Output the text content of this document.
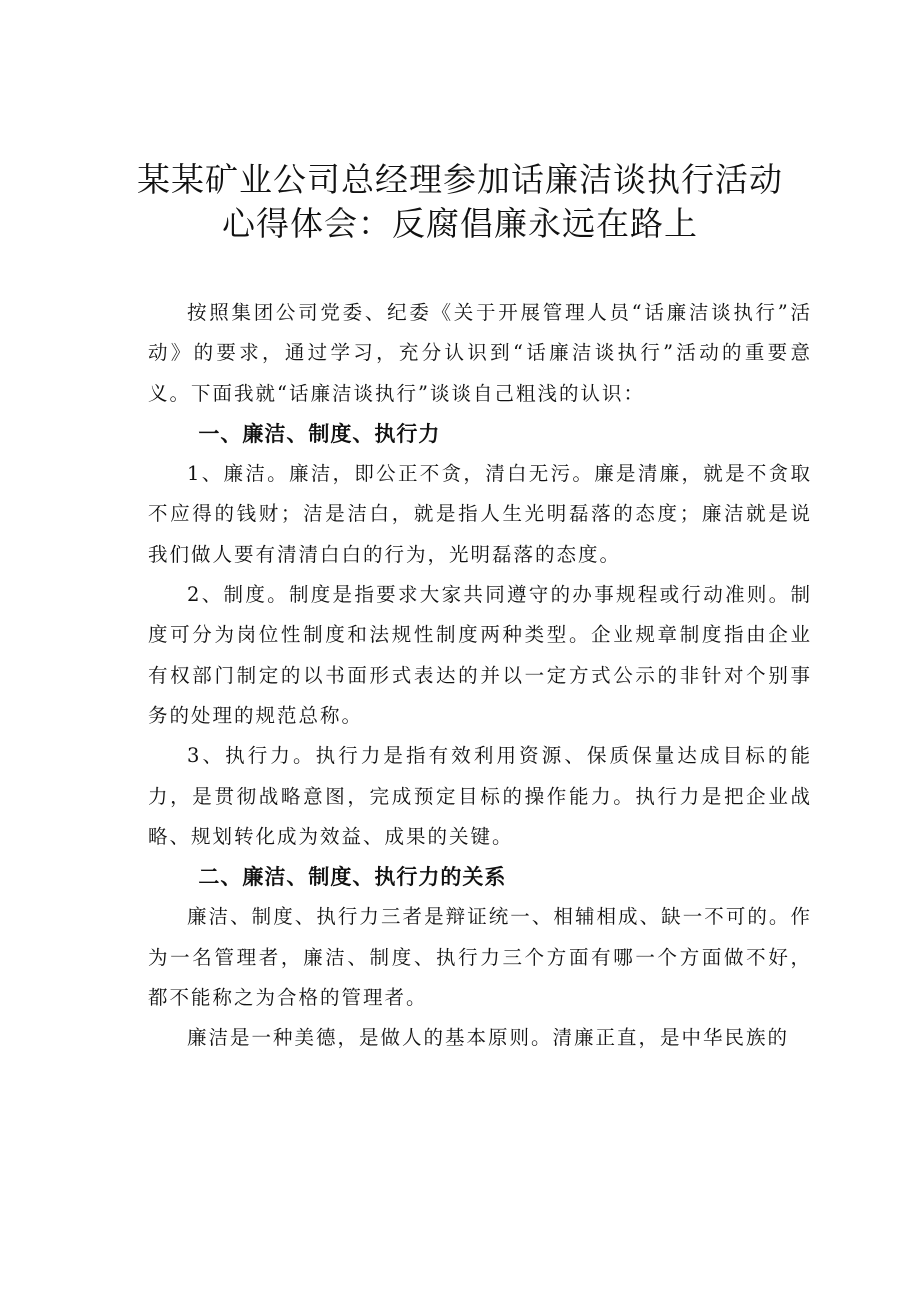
某某矿业公司总经理参加话廉洁谈执行活动
心得体会：反腐倡廉永远在路上

按照集团公司党委、纪委《关于开展管理人员“话廉洁谈执行”活动》的要求，通过学习，充分认识到“话廉洁谈执行”活动的重要意义。下面我就“话廉洁谈执行”谈谈自己粗浅的认识：

一、廉洁、制度、执行力

1、廉洁。廉洁，即公正不贪，清白无污。廉是清廉，就是不贪取不应得的钱财；洁是洁白，就是指人生光明磊落的态度；廉洁就是说我们做人要有清清白白的行为，光明磊落的态度。

2、制度。制度是指要求大家共同遵守的办事规程或行动准则。制度可分为岗位性制度和法规性制度两种类型。企业规章制度指由企业有权部门制定的以书面形式表达的并以一定方式公示的非针对个别事务的处理的规范总称。

3、执行力。执行力是指有效利用资源、保质保量达成目标的能力，是贯彻战略意图，完成预定目标的操作能力。执行力是把企业战略、规划转化成为效益、成果的关键。

二、廉洁、制度、执行力的关系

廉洁、制度、执行力三者是辩证统一、相辅相成、缺一不可的。作为一名管理者，廉洁、制度、执行力三个方面有哪一个方面做不好，都不能称之为合格的管理者。

廉洁是一种美德，是做人的基本原则。清廉正直，是中华民族的
